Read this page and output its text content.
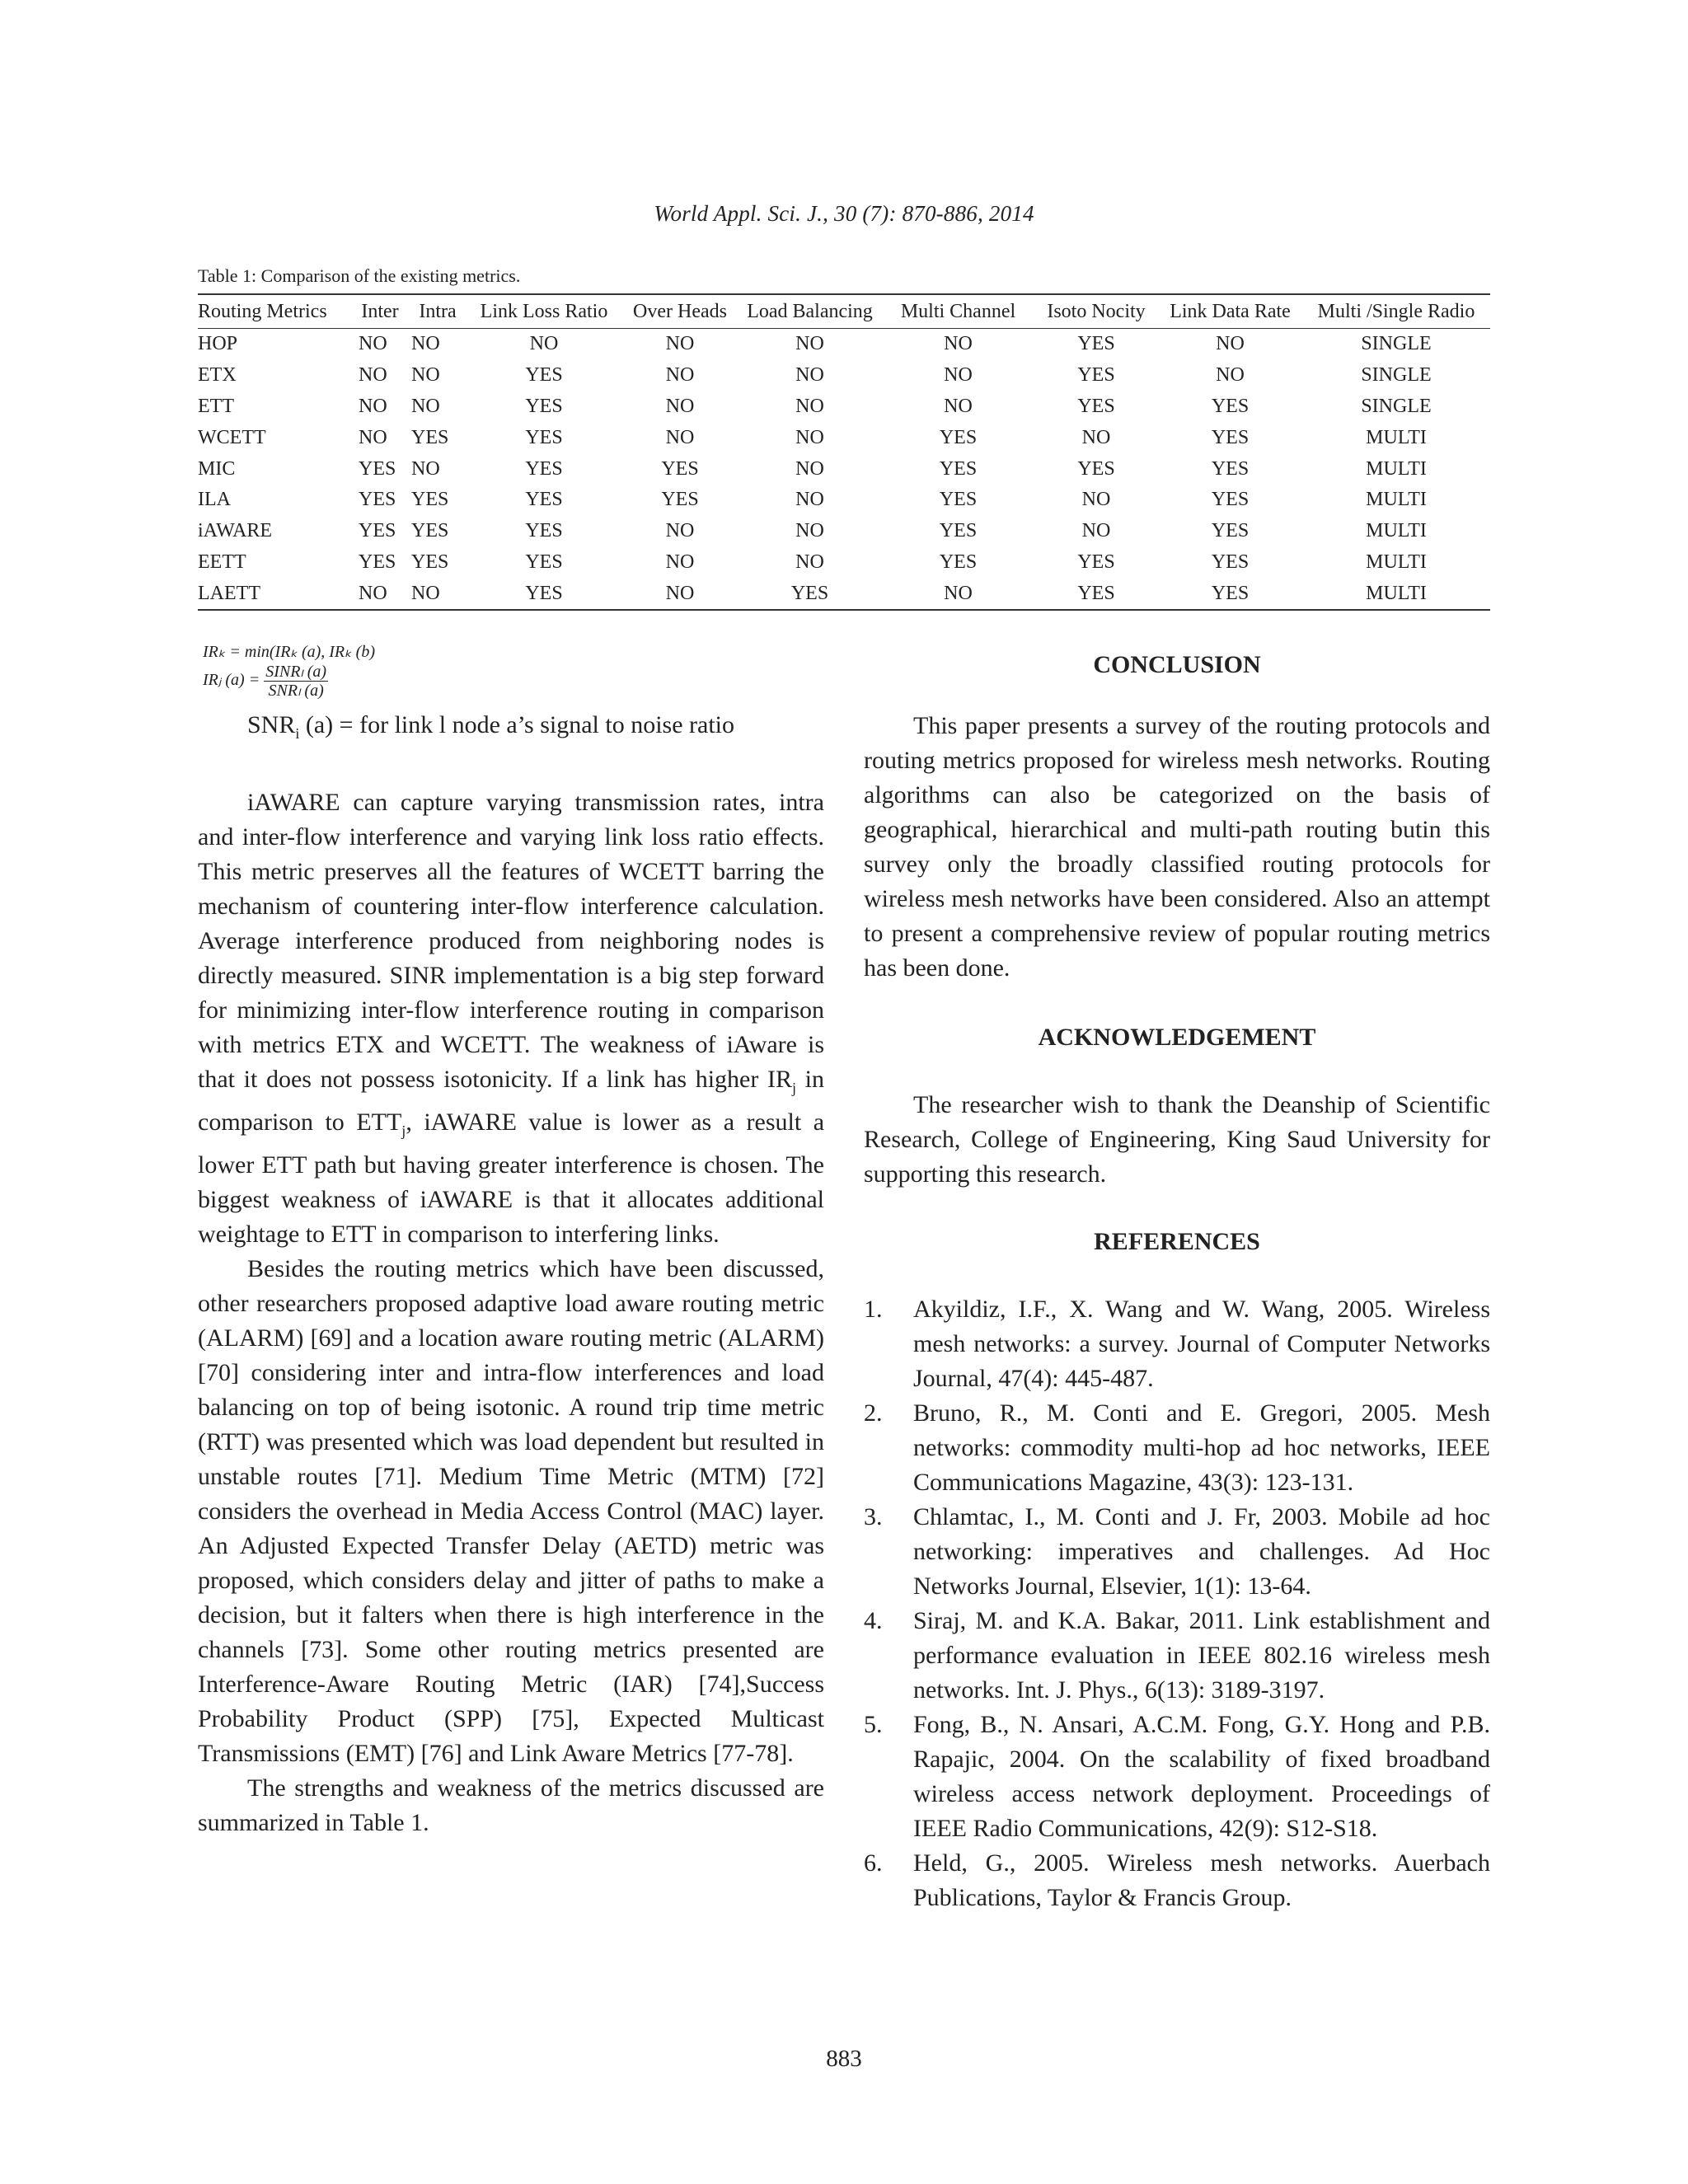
World Appl. Sci. J., 30 (7): 870-886, 2014
Table 1: Comparison of the existing metrics.
Routing Metrics	Inter	Intra	Link Loss Ratio	Over Heads	Load Balancing	Multi Channel	Isoto Nocity	Link Data Rate	Multi /Single Radio
HOP	NO	NO	NO	NO	NO	NO	YES	NO	SINGLE
ETX	NO	NO	YES	NO	NO	NO	YES	NO	SINGLE
ETT	NO	NO	YES	NO	NO	NO	YES	YES	SINGLE
WCETT	NO	YES	YES	NO	NO	YES	NO	YES	MULTI
MIC	YES	NO	YES	YES	NO	YES	YES	YES	MULTI
ILA	YES	YES	YES	YES	NO	YES	NO	YES	MULTI
iAWARE	YES	YES	YES	NO	NO	YES	NO	YES	MULTI
EETT	YES	YES	YES	NO	NO	YES	YES	YES	MULTI
LAETT	NO	NO	YES	NO	YES	NO	YES	YES	MULTI
IRₖ = min(IRₖ (a), IRₖ (b)
IRⱼ $(a) = \frac{\text{SINRₗ (a)}}{\text{SNRₗ (a)}}$

$SNR_i$ (a) = for link l node a’s signal to noise ratio

iAWARE can capture varying transmission rates, intra and inter-flow interference and varying link loss ratio effects. This metric preserves all the features of WCETT barring the mechanism of countering inter-flow interference calculation. Average interference produced from neighboring nodes is directly measured. SINR implementation is a big step forward for minimizing inter-flow interference routing in comparison with metrics ETX and WCETT. The weakness of iAware is that it does not possess isotonicity. If a link has higher $IR_j$ in comparison to $ETT_j$, iAWARE value is lower as a result a lower ETT path but having greater interference is chosen. The biggest weakness of iAWARE is that it allocates additional weightage to ETT in comparison to interfering links.

Besides the routing metrics which have been discussed, other researchers proposed adaptive load aware routing metric (ALARM) [69] and a location aware routing metric (ALARM) [70] considering inter and intra-flow interferences and load balancing on top of being isotonic. A round trip time metric (RTT) was presented which was load dependent but resulted in unstable routes [71]. Medium Time Metric (MTM) [72] considers the overhead in Media Access Control (MAC) layer. An Adjusted Expected Transfer Delay (AETD) metric was proposed, which considers delay and jitter of paths to make a decision, but it falters when there is high interference in the channels [73]. Some other routing metrics presented are Interference-Aware Routing Metric (IAR) [74],Success Probability Product (SPP) [75], Expected Multicast Transmissions (EMT) [76] and Link Aware Metrics [77-78].

The strengths and weakness of the metrics discussed are summarized in Table 1.

CONCLUSION

This paper presents a survey of the routing protocols and routing metrics proposed for wireless mesh networks. Routing algorithms can also be categorized on the basis of geographical, hierarchical and multi-path routing butin this survey only the broadly classified routing protocols for wireless mesh networks have been considered. Also an attempt to present a comprehensive review of popular routing metrics has been done.

ACKNOWLEDGEMENT

The researcher wish to thank the Deanship of Scientific Research, College of Engineering, King Saud University for supporting this research.

REFERENCES
1.	Akyildiz, I.F., X. Wang and W. Wang, 2005. Wireless mesh networks: a survey. Journal of Computer Networks Journal, 47(4): 445-487.
2.	Bruno, R., M. Conti and E. Gregori, 2005. Mesh networks: commodity multi-hop ad hoc networks, IEEE Communications Magazine, 43(3): 123-131.
3.	Chlamtac, I., M. Conti and J. Fr, 2003. Mobile ad hoc networking: imperatives and challenges. Ad Hoc Networks Journal, Elsevier, 1(1): 13-64.
4.	Siraj, M. and K.A. Bakar, 2011. Link establishment and performance evaluation in IEEE 802.16 wireless mesh networks. Int. J. Phys., 6(13): 3189-3197.
5.	Fong, B., N. Ansari, A.C.M. Fong, G.Y. Hong and P.B. Rapajic, 2004. On the scalability of fixed broadband wireless access network deployment. Proceedings of IEEE Radio Communications, 42(9): S12-S18.
6.	Held, G., 2005. Wireless mesh networks. Auerbach Publications, Taylor & Francis Group.
883
